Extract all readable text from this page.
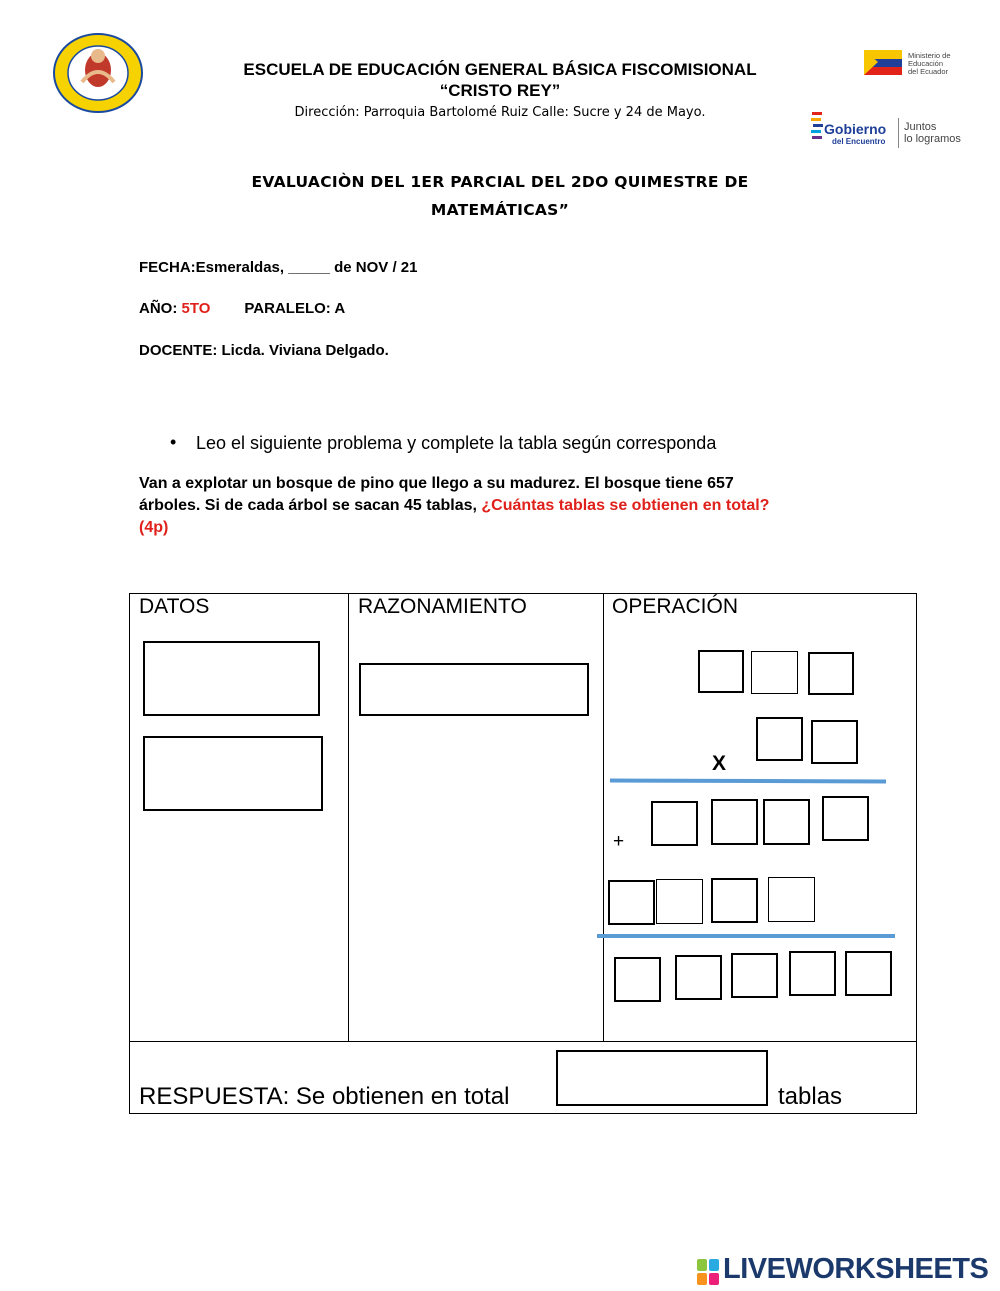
ESCUELA DE EDUCACIÓN GENERAL BÁSICA FISCOMISIONAL
“CRISTO REY”
Dirección: Parroquia Bartolomé Ruiz Calle: Sucre y 24 de Mayo.
Ministerio de
Educación
del Ecuador
Gobierno
del Encuentro
Juntos
lo logramos
EVALUACIÒN DEL 1ER PARCIAL DEL 2DO QUIMESTRE DE
MATEMÁTICAS”
FECHA:Esmeraldas, _____ de NOV / 21
AÑO: 5TO PARALELO: A
DOCENTE: Licda. Viviana Delgado.
• Leo el siguiente problema y complete la tabla según corresponda
Van a explotar un bosque de pino que llego a su madurez. El bosque tiene 657
árboles. Si de cada árbol se sacan 45 tablas, ¿Cuántas tablas se obtienen en total?
(4p)
DATOS	RAZONAMIENTO	OPERACIÓN
X
+
RESPUESTA: Se obtienen en total	tablas
LIVEWORKSHEETS
